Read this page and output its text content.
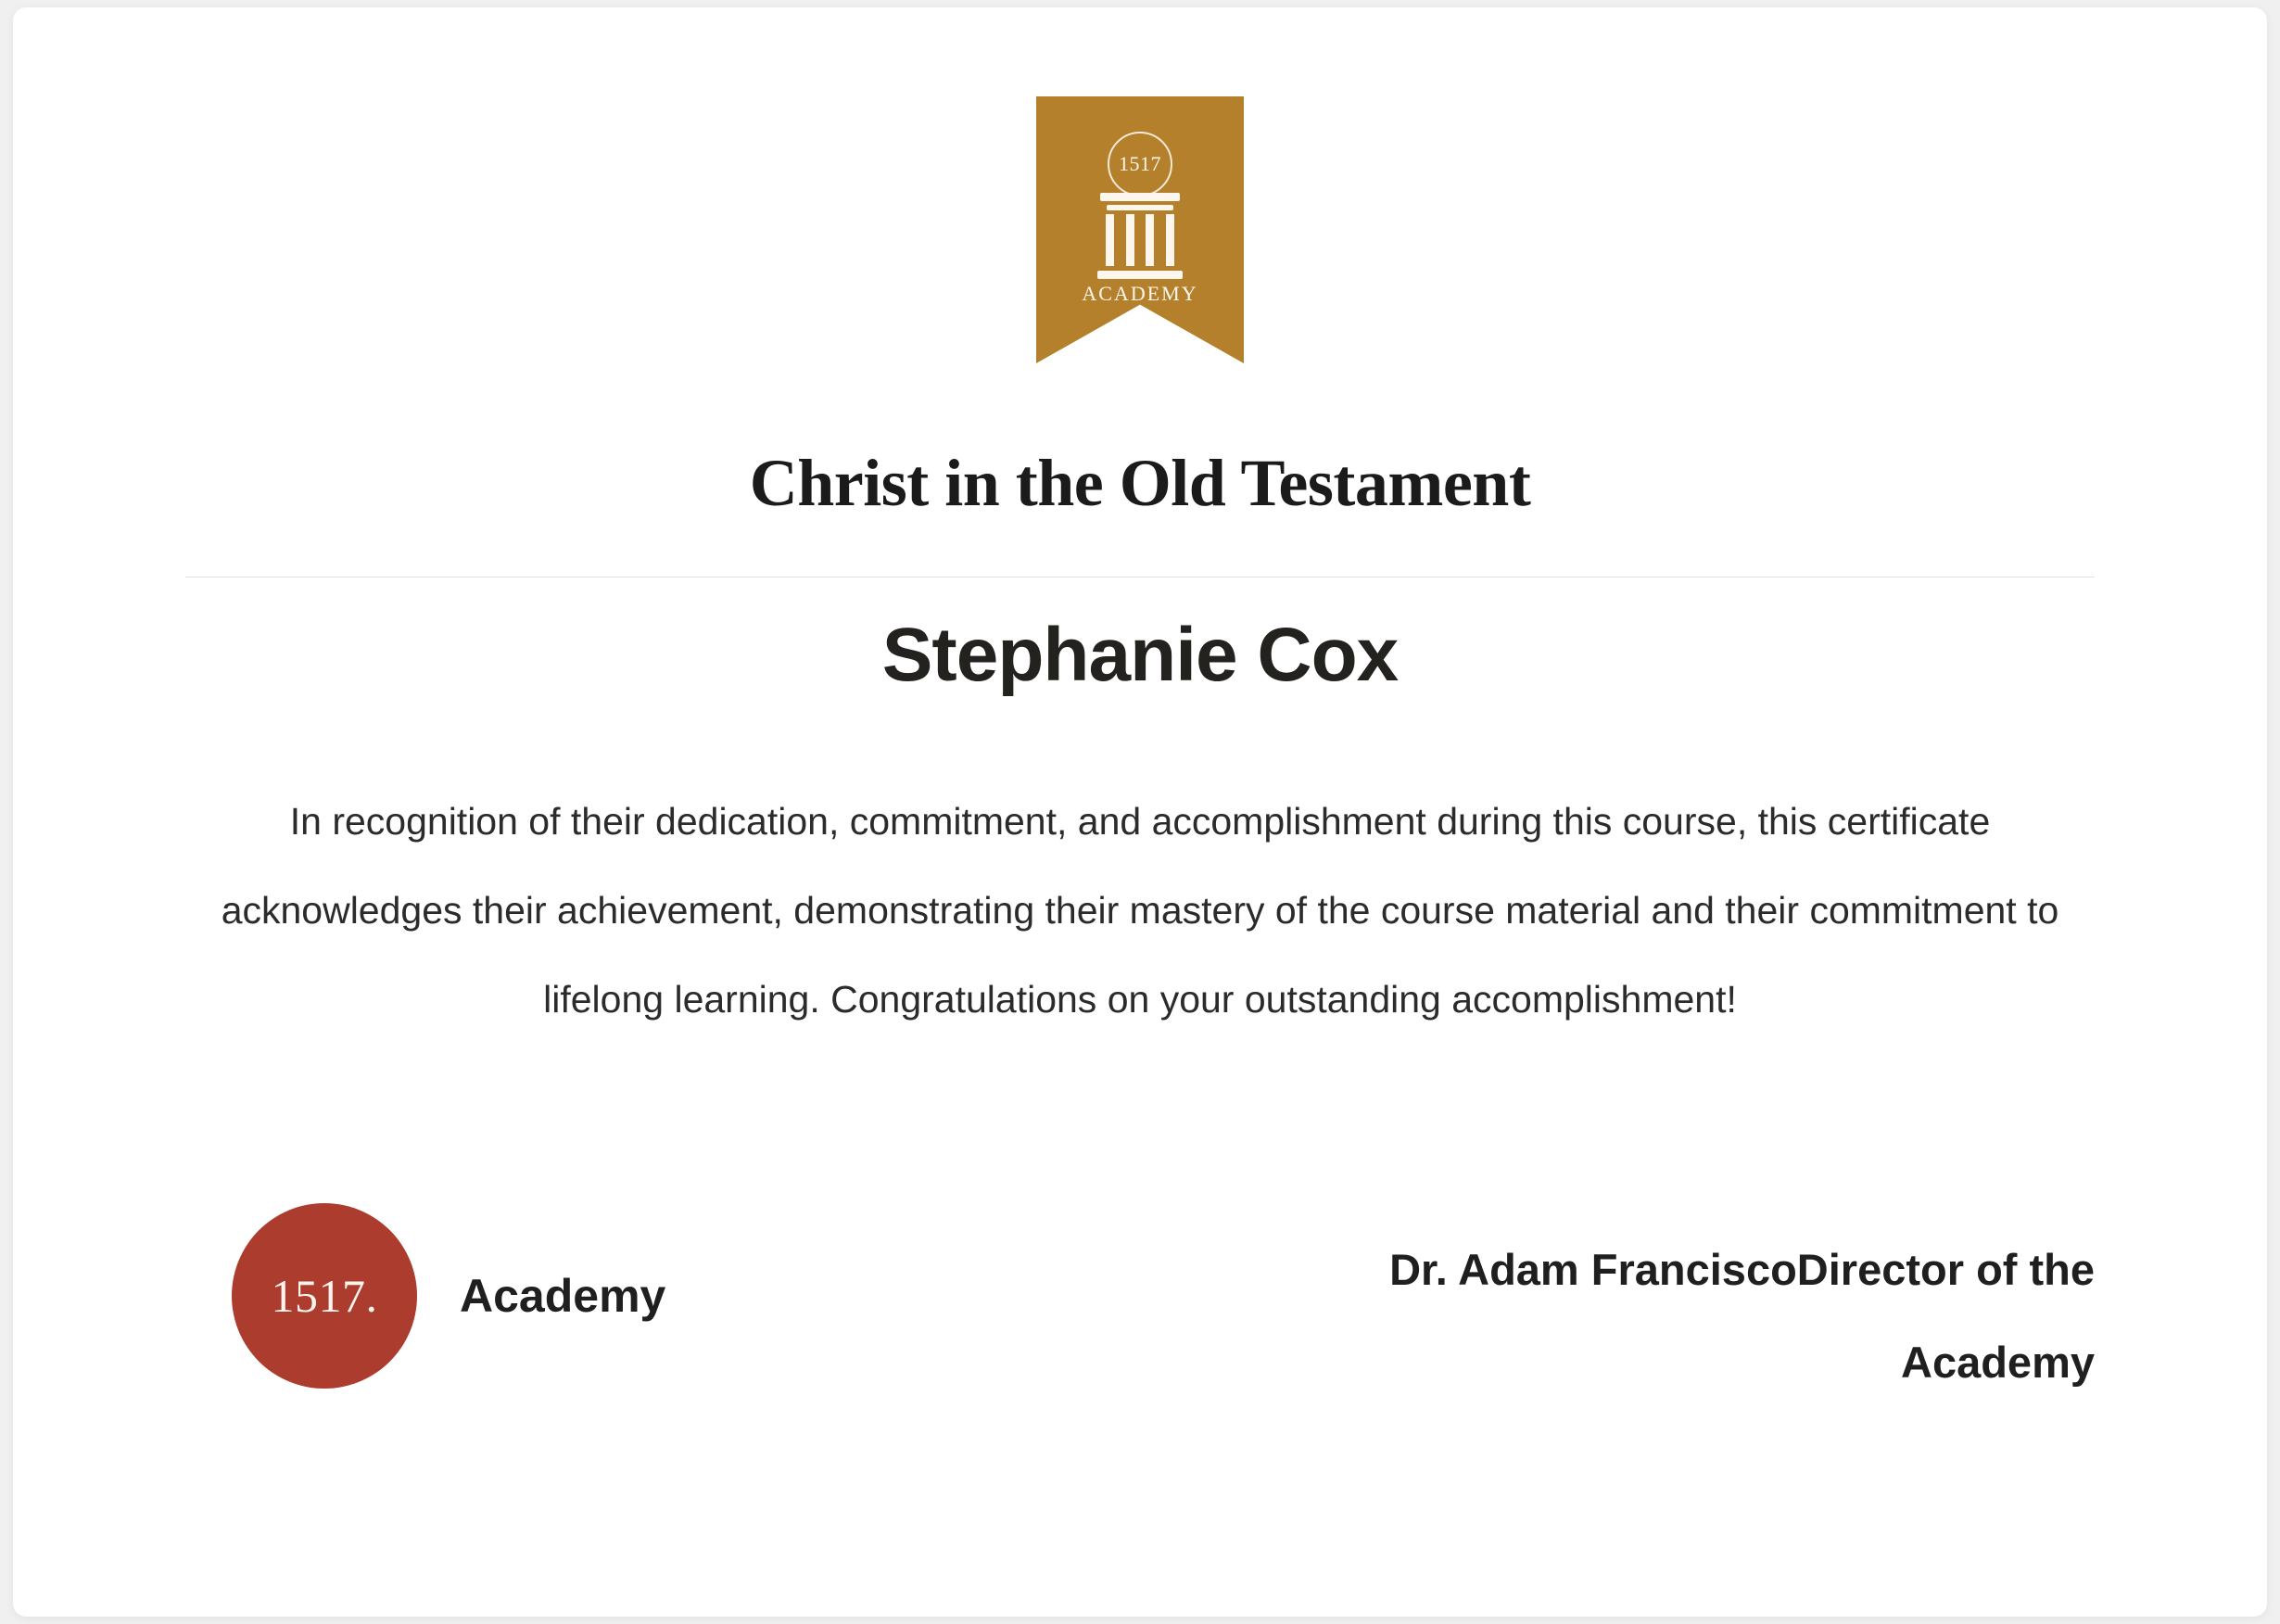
1517
ACADEMY
Christ in the Old Testament
Stephanie Cox
In recognition of their dedication, commitment, and accomplishment during this course, this certificate acknowledges their achievement, demonstrating their mastery of the course material and their commitment to lifelong learning. Congratulations on your outstanding accomplishment!
1517. Academy
Dr. Adam FranciscoDirector of the Academy
